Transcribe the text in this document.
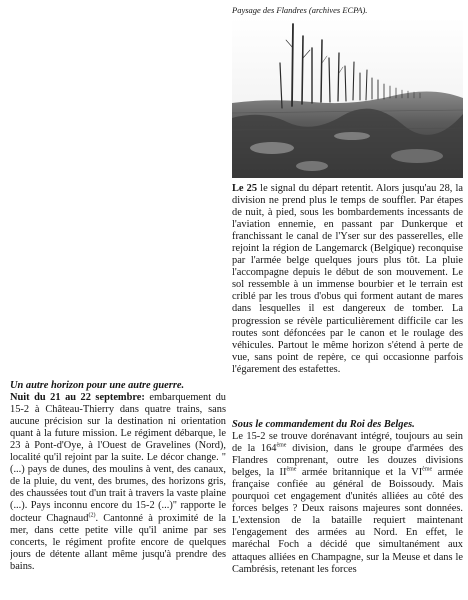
Paysage des Flandres (archives ECPA).

Le 25 le signal du départ retentit. Alors jusqu'au 28, la division ne prend plus le temps de souffler. Par étapes de nuit, à pied, sous les bombardements incessants de l'aviation ennemie, en passant par Dunkerque et franchissant le canal de l'Yser sur des passerelles, elle rejoint la région de Langemarck (Belgique) reconquise par l'armée belge quelques jours plus tôt. La pluie l'accompagne depuis le début de son mouvement. Le sol ressemble à un immense bourbier et le terrain est criblé par les trous d'obus qui forment autant de mares dans lesquelles il est dangereux de tomber. La progression se révèle particulièrement difficile car les routes sont défoncées par le canon et le roulage des véhicules. Partout le même horizon s'étend à perte de vue, sans point de repère, ce qui occasionne parfois l'égarement des estafettes.

Un autre horizon pour une autre guerre.

Nuit du 21 au 22 septembre: embarquement du 15-2 à Château-Thierry dans quatre trains, sans aucune précision sur la destination ni orientation quant à la future mission. Le régiment débarque, le 23 à Pont-d'Oye, à l'Ouest de Gravelines (Nord), localité qu'il rejoint par la suite. Le décor change. "(...) pays de dunes, des moulins à vent, des canaux, de la pluie, du vent, des brumes, des horizons gris, des chaussées tout d'un trait à travers la vaste plaine (...). Pays inconnu encore du 15-2 (...)" rapporte le docteur Chagnaud$^{(2)}$. Cantonné à proximité de la mer, dans cette petite ville qu'il anime par ses concerts, le régiment profite encore de quelques jours de détente allant même jusqu'à prendre des bains.

Sous le commandement du Roi des Belges.

Le 15-2 se trouve dorénavant intégré, toujours au sein de la 164ème division, dans le groupe d'armées des Flandres comprenant, outre les douzes divisions belges, la IIème armée britannique et la VIème armée française confiée au général de Boissoudy. Mais pourquoi cet engagement d'unités alliées au côté des forces belges ? Deux raisons majeures sont données. L'extension de la bataille requiert maintenant l'engagement des armées au Nord. En effet, le maréchal Foch a décidé que simultanément aux attaques alliées en Champagne, sur la Meuse et dans le Cambrésis, retenant les forces
